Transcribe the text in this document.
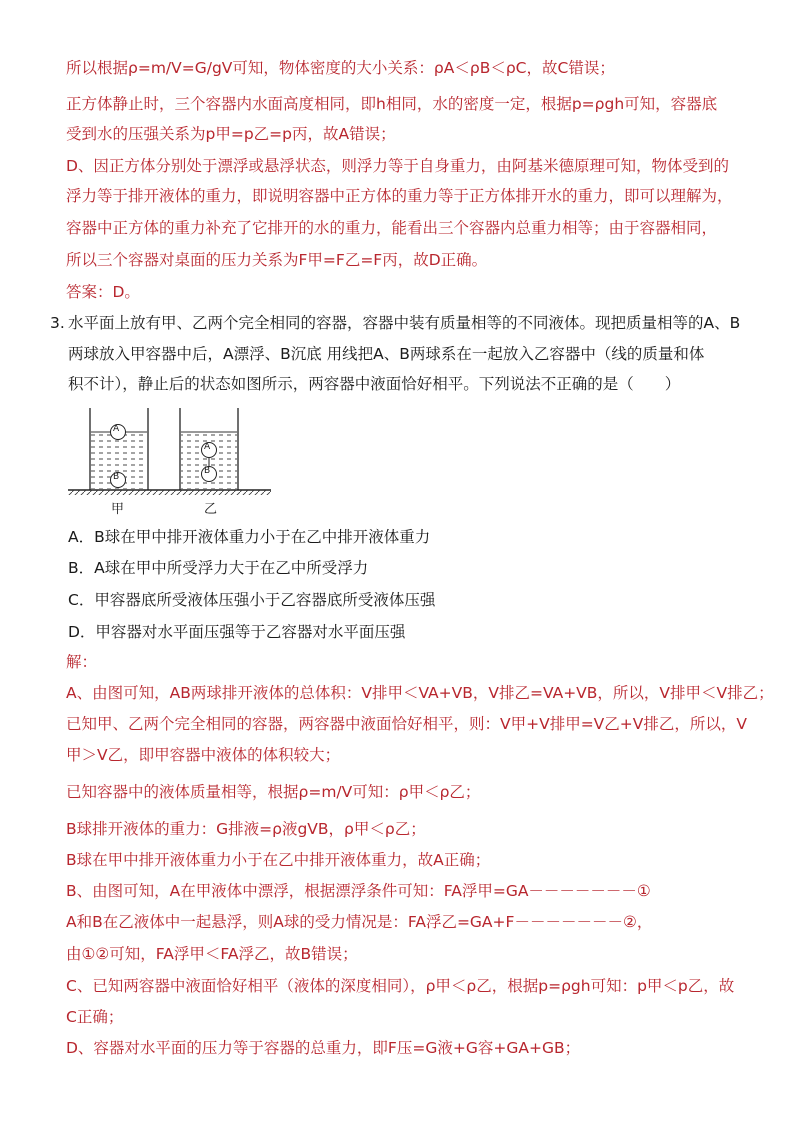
所以根据ρ=m/V=G/gV可知，物体密度的大小关系：ρA＜ρB＜ρC，故C错误；
正方体静止时，三个容器内水面高度相同，即h相同，水的密度一定，根据p=ρgh可知，容器底
受到水的压强关系为p甲=p乙=p丙，故A错误；
D、因正方体分别处于漂浮或悬浮状态，则浮力等于自身重力，由阿基米德原理可知，物体受到的
浮力等于排开液体的重力，即说明容器中正方体的重力等于正方体排开水的重力，即可以理解为，
容器中正方体的重力补充了它排开的水的重力，能看出三个容器内总重力相等；由于容器相同，
所以三个容器对桌面的压力关系为F甲=F乙=F丙，故D正确。
答案：D。
3. 水平面上放有甲、乙两个完全相同的容器，容器中装有质量相等的不同液体。现把质量相等的A、B
两球放入甲容器中后，A漂浮、B沉底 用线把A、B两球系在一起放入乙容器中（线的质量和体
积不计），静止后的状态如图所示，两容器中液面恰好相平。下列说法不正确的是（　　）
A
B
A
B
甲	乙
A．B球在甲中排开液体重力小于在乙中排开液体重力
B．A球在甲中所受浮力大于在乙中所受浮力
C．甲容器底所受液体压强小于乙容器底所受液体压强
D．甲容器对水平面压强等于乙容器对水平面压强
解：
A、由图可知，AB两球排开液体的总体积：V排甲＜VA+VB，V排乙=VA+VB，所以，V排甲＜V排乙；
已知甲、乙两个完全相同的容器，两容器中液面恰好相平，则：V甲+V排甲=V乙+V排乙，所以，V
甲＞V乙，即甲容器中液体的体积较大；
已知容器中的液体质量相等，根据ρ=m/V可知：ρ甲＜ρ乙；
B球排开液体的重力：G排液=ρ液gVB，ρ甲＜ρ乙；
B球在甲中排开液体重力小于在乙中排开液体重力，故A正确；
B、由图可知，A在甲液体中漂浮，根据漂浮条件可知：FA浮甲=GA－－－－－－－①
A和B在乙液体中一起悬浮，则A球的受力情况是：FA浮乙=GA+F－－－－－－－②，
由①②可知，FA浮甲＜FA浮乙，故B错误；
C、已知两容器中液面恰好相平（液体的深度相同），ρ甲＜ρ乙，根据p=ρgh可知：p甲＜p乙，故
C正确；
D、容器对水平面的压力等于容器的总重力，即F压=G液+G容+GA+GB；
